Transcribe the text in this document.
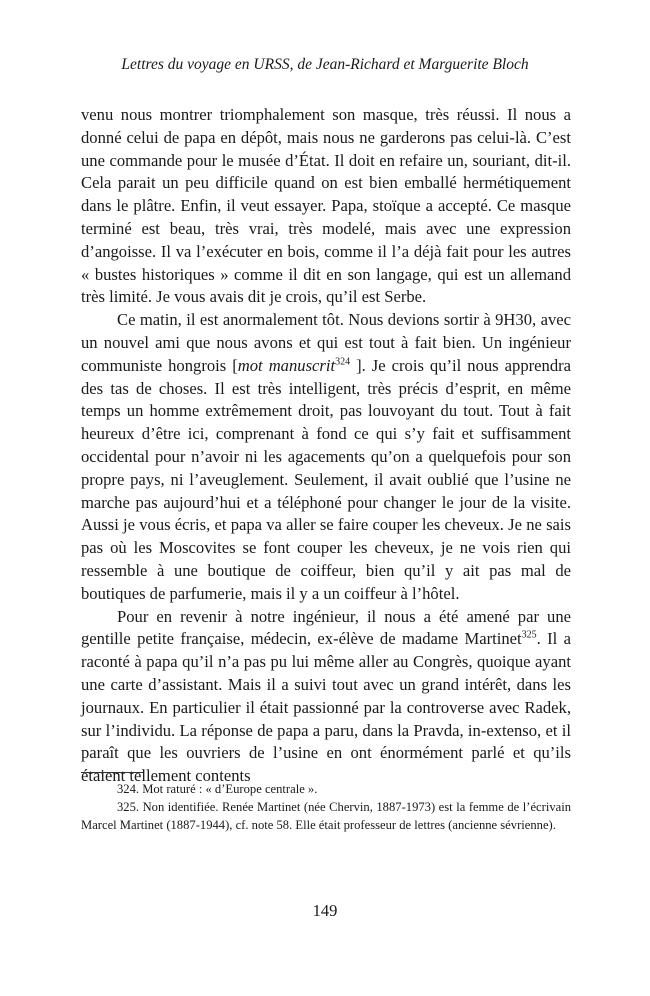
Lettres du voyage en URSS, de Jean-Richard et Marguerite Bloch

venu nous montrer triomphalement son masque, très réussi. Il nous a donné celui de papa en dépôt, mais nous ne garderons pas celui-là. C’est une commande pour le musée d’État. Il doit en refaire un, souriant, dit-il. Cela parait un peu difficile quand on est bien emballé hermétiquement dans le plâtre. Enfin, il veut essayer. Papa, stoïque a accepté. Ce masque terminé est beau, très vrai, très modelé, mais avec une expression d’angoisse. Il va l’exécuter en bois, comme il l’a déjà fait pour les autres « bustes historiques » comme il dit en son langage, qui est un allemand très limité. Je vous avais dit je crois, qu’il est Serbe.

Ce matin, il est anormalement tôt. Nous devions sortir à 9H30, avec un nouvel ami que nous avons et qui est tout à fait bien. Un ingénieur communiste hongrois [mot manuscrit$^{324}$ ]. Je crois qu’il nous apprendra des tas de choses. Il est très intelligent, très précis d’esprit, en même temps un homme extrêmement droit, pas louvoyant du tout. Tout à fait heureux d’être ici, comprenant à fond ce qui s’y fait et suffisamment occidental pour n’avoir ni les agacements qu’on a quelquefois pour son propre pays, ni l’aveuglement. Seulement, il avait oublié que l’usine ne marche pas aujourd’hui et a téléphoné pour changer le jour de la visite. Aussi je vous écris, et papa va aller se faire couper les cheveux. Je ne sais pas où les Moscovites se font couper les cheveux, je ne vois rien qui ressemble à une boutique de coiffeur, bien qu’il y ait pas mal de boutiques de parfumerie, mais il y a un coiffeur à l’hôtel.

Pour en revenir à notre ingénieur, il nous a été amené par une gentille petite française, médecin, ex-élève de madame Martinet$^{325}$. Il a raconté à papa qu’il n’a pas pu lui même aller au Congrès, quoique ayant une carte d’assistant. Mais il a suivi tout avec un grand intérêt, dans les journaux. En particulier il était passionné par la controverse avec Radek, sur l’individu. La réponse de papa a paru, dans la Pravda, in-extenso, et il paraît que les ouvriers de l’usine en ont énormément parlé et qu’ils étaient tellement contents

324. Mot raturé : « d’Europe centrale ».

325. Non identifiée. Renée Martinet (née Chervin, 1887-1973) est la femme de l’écrivain Marcel Martinet (1887-1944), cf. note 58. Elle était professeur de lettres (ancienne sévrienne).

149
